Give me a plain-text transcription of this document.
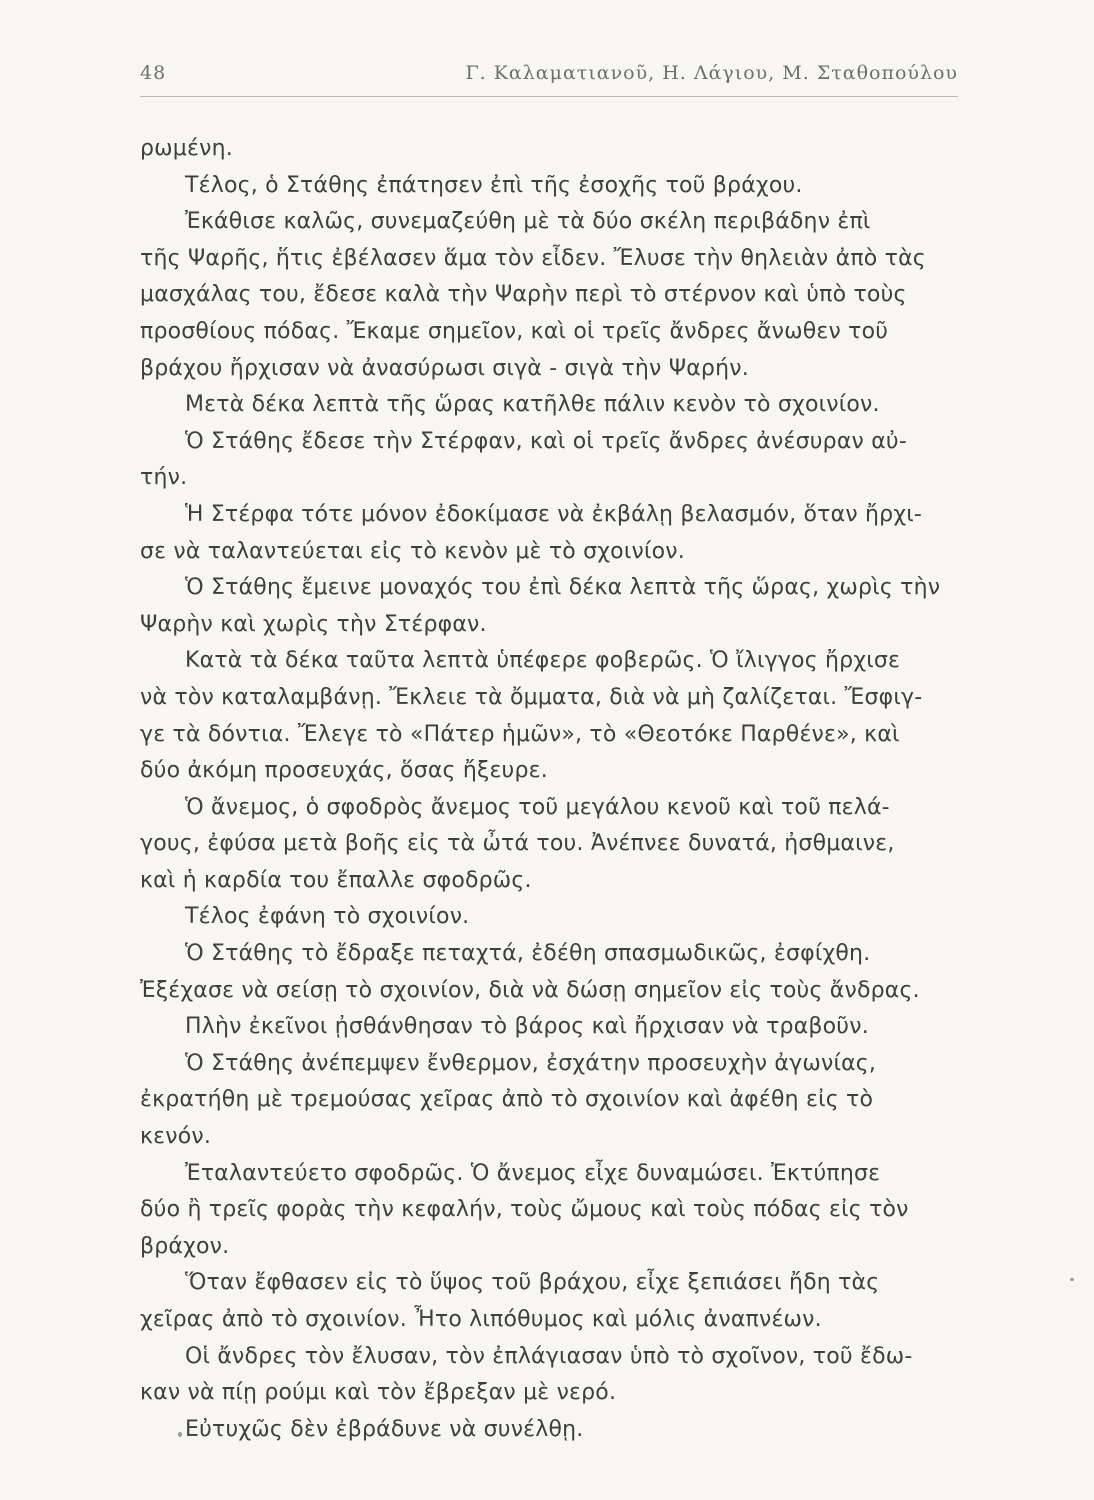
48	Γ. Καλαματιανοῦ, Η. Λάγιου, Μ. Σταθοπούλου
ρωμένη.
Τέλος, ὁ Στάθης ἐπάτησεν ἐπὶ τῆς ἐσοχῆς τοῦ βράχου.
Ἐκάθισε καλῶς, συνεμαζεύθη μὲ τὰ δύο σκέλη περιβάδην ἐπὶ
τῆς Ψαρῆς, ἥτις ἐβέλασεν ἅμα τὸν εἶδεν. Ἔλυσε τὴν θηλειὰν ἀπὸ τὰς
μασχάλας του, ἔδεσε καλὰ τὴν Ψαρὴν περὶ τὸ στέρνον καὶ ὑπὸ τοὺς
προσθίους πόδας. Ἔκαμε σημεῖον, καὶ οἱ τρεῖς ἄνδρες ἄνωθεν τοῦ
βράχου ἤρχισαν νὰ ἀνασύρωσι σιγὰ - σιγὰ τὴν Ψαρήν.
Μετὰ δέκα λεπτὰ τῆς ὥρας κατῆλθε πάλιν κενὸν τὸ σχοινίον.
Ὁ Στάθης ἔδεσε τὴν Στέρφαν, καὶ οἱ τρεῖς ἄνδρες ἀνέσυραν αὐ-
τήν.
Ἡ Στέρφα τότε μόνον ἐδοκίμασε νὰ ἐκβάλῃ βελασμόν, ὅταν ἤρχι-
σε νὰ ταλαντεύεται εἰς τὸ κενὸν μὲ τὸ σχοινίον.
Ὁ Στάθης ἔμεινε μοναχός του ἐπὶ δέκα λεπτὰ τῆς ὥρας, χωρὶς τὴν
Ψαρὴν καὶ χωρὶς τὴν Στέρφαν.
Κατὰ τὰ δέκα ταῦτα λεπτὰ ὑπέφερε φοβερῶς. Ὁ ἴλιγγος ἤρχισε
νὰ τὸν καταλαμβάνῃ. Ἔκλειε τὰ ὄμματα, διὰ νὰ μὴ ζαλίζεται. Ἔσφιγ-
γε τὰ δόντια. Ἔλεγε τὸ «Πάτερ ἡμῶν», τὸ «Θεοτόκε Παρθένε», καὶ
δύο ἀκόμη προσευχάς, ὅσας ἤξευρε.
Ὁ ἄνεμος, ὁ σφοδρὸς ἄνεμος τοῦ μεγάλου κενοῦ καὶ τοῦ πελά-
γους, ἐφύσα μετὰ βοῆς εἰς τὰ ὦτά του. Ἀνέπνεε δυνατά, ἠσθμαινε,
καὶ ἡ καρδία του ἔπαλλε σφοδρῶς.
Τέλος ἐφάνη τὸ σχοινίον.
Ὁ Στάθης τὸ ἔδραξε πεταχτά, ἐδέθη σπασμωδικῶς, ἐσφίχθη.
Ἐξέχασε νὰ σείσῃ τὸ σχοινίον, διὰ νὰ δώσῃ σημεῖον εἰς τοὺς ἄνδρας.
Πλὴν ἐκεῖνοι ᾐσθάνθησαν τὸ βάρος καὶ ἤρχισαν νὰ τραβοῦν.
Ὁ Στάθης ἀνέπεμψεν ἔνθερμον, ἐσχάτην προσευχὴν ἀγωνίας,
ἐκρατήθη μὲ τρεμούσας χεῖρας ἀπὸ τὸ σχοινίον καὶ ἀφέθη εἰς τὸ
κενόν.
Ἐταλαντεύετο σφοδρῶς. Ὁ ἄνεμος εἶχε δυναμώσει. Ἐκτύπησε
δύο ἢ τρεῖς φορὰς τὴν κεφαλήν, τοὺς ὤμους καὶ τοὺς πόδας εἰς τὸν
βράχον.
Ὅταν ἔφθασεν εἰς τὸ ὕψος τοῦ βράχου, εἶχε ξεπιάσει ἤδη τὰς
χεῖρας ἀπὸ τὸ σχοινίον. Ἦτο λιπόθυμος καὶ μόλις ἀναπνέων.
Οἱ ἄνδρες τὸν ἔλυσαν, τὸν ἐπλάγιασαν ὑπὸ τὸ σχοῖνον, τοῦ ἔδω-
καν νὰ πίῃ ρούμι καὶ τὸν ἔβρεξαν μὲ νερό.
Εὐτυχῶς δὲν ἐβράδυνε νὰ συνέλθῃ.
